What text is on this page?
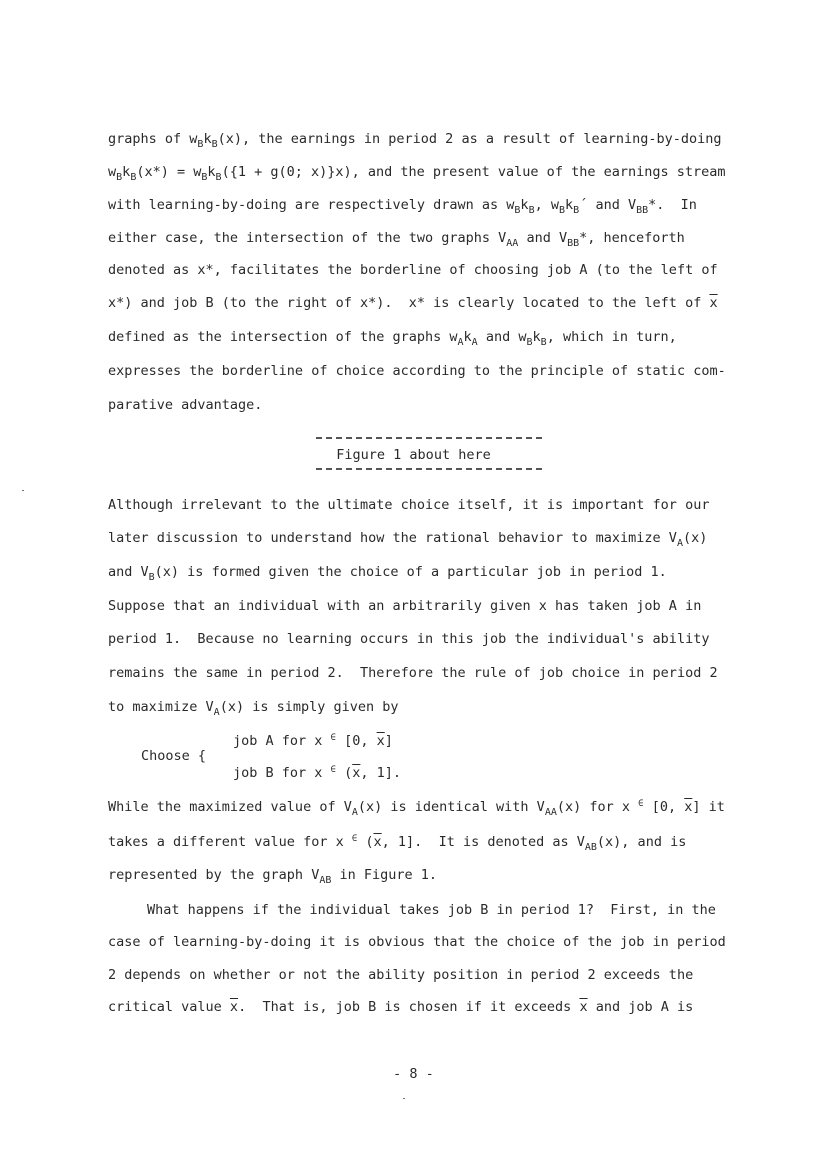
graphs of $w_Bk_B(x)$, the earnings in period 2 as a result of learning-by-doing
$w_Bk_B(x*) = w_Bk_B(\{1 + g(0$; x)}x), and the present value of the earnings stream
with learning-by-doing are respectively drawn as $w_Bk_B$, $w_Bk_B´$ and $V_{BB}*$.  In
either case, the intersection of the two graphs $V_{AA}$ and $V_{BB}*$, henceforth
denoted as x*, facilitates the borderline of choosing job A (to the left of
x*) and job B (to the right of x*).  x* is clearly located to the left of $\overline{x}$
defined as the intersection of the graphs $w_Ak_A$ and $w_Bk_B$, which in turn,
expresses the borderline of choice according to the principle of static com-
parative advantage.
Figure 1 about here
Although irrelevant to the ultimate choice itself, it is important for our
later discussion to understand how the rational behavior to maximize $V_A(x)$
and $V_B(x)$ is formed given the choice of a particular job in period 1.
Suppose that an individual with an arbitrarily given x has taken job A in
period 1.  Because no learning occurs in this job the individual's ability
remains the same in period 2.  Therefore the rule of job choice in period 2
to maximize $V_A(x)$ is simply given by
Choose {
job A for x ∈ [0, $\overline{x}$]
job B for x ∈ ($\overline{x}$, 1].
While the maximized value of $V_A(x)$ is identical with $V_{AA}(x)$ for x ∈ [0, $\overline{x}$] it
takes a different value for x ∈ ($\overline{x}$, 1].  It is denoted as $V_{AB}(x)$, and is
represented by the graph $V_{AB}$ in Figure 1.
What happens if the individual takes job B in period 1?  First, in the
case of learning-by-doing it is obvious that the choice of the job in period
2 depends on whether or not the ability position in period 2 exceeds the
critical value $\overline{x}$.  That is, job B is chosen if it exceeds $\overline{x}$ and job A is
- 8 -
